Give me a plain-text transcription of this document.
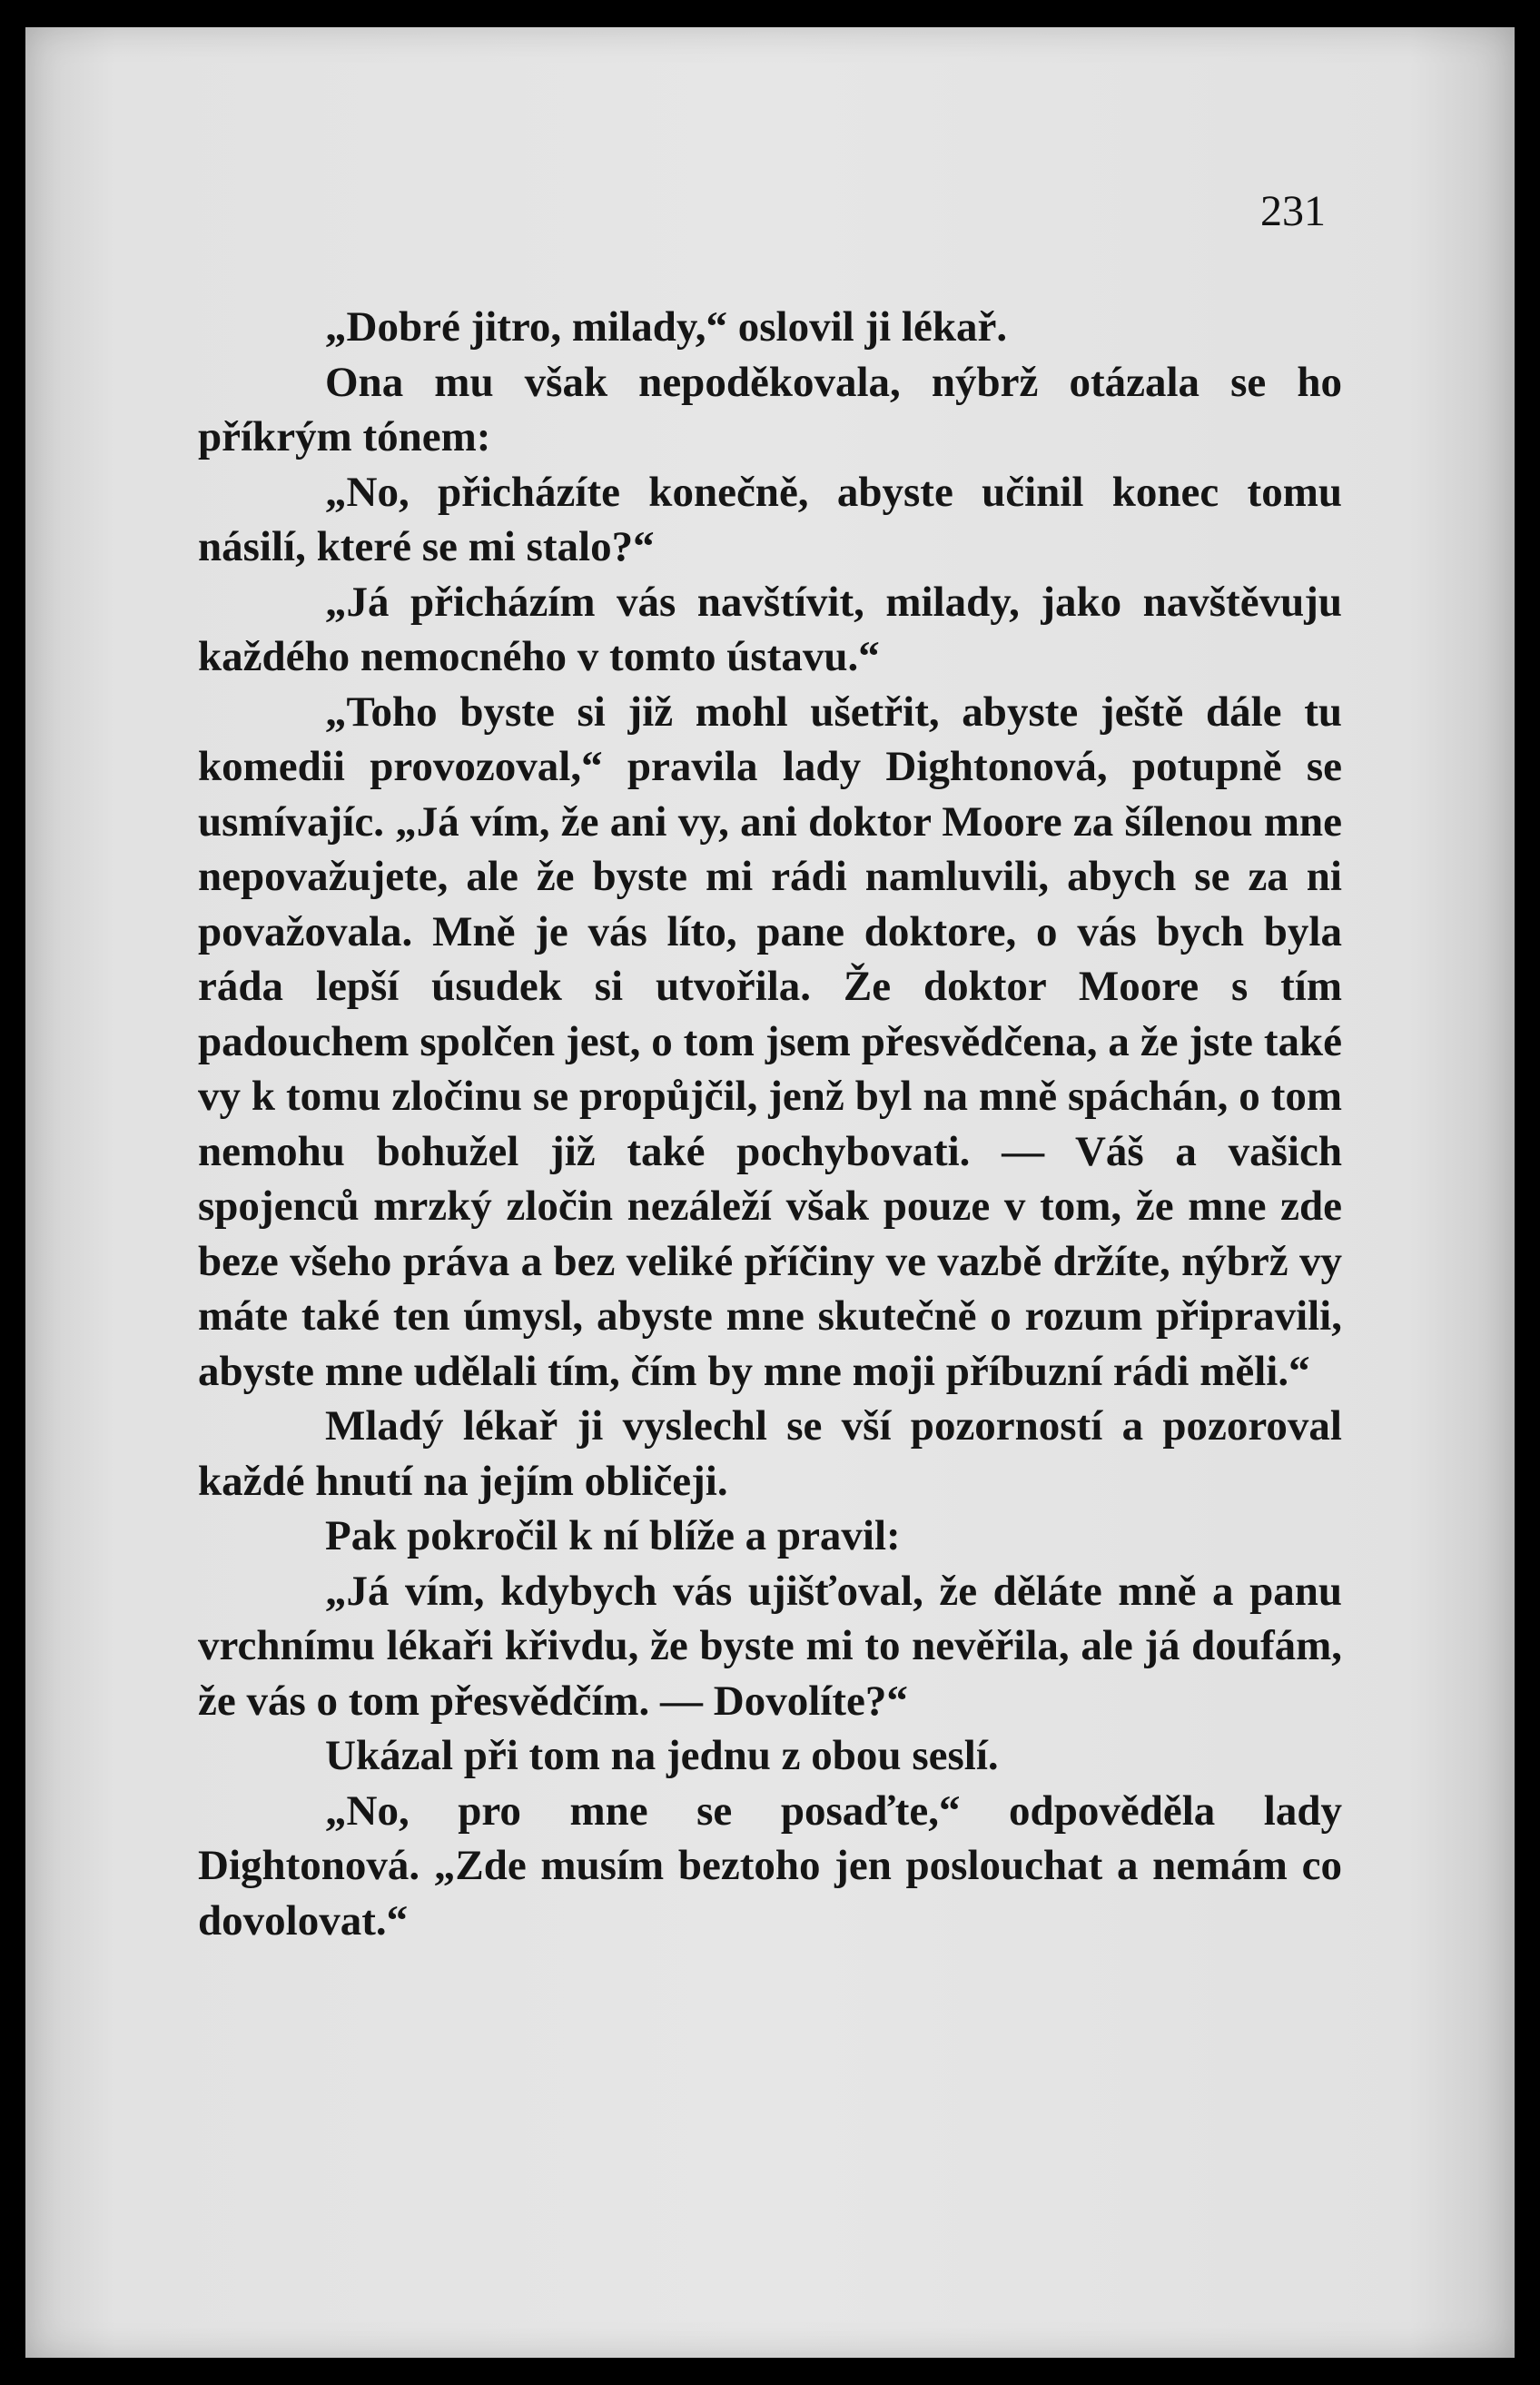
231

„Dobré jitro, milady,“ oslovil ji lékař.

Ona mu však nepoděkovala, nýbrž otázala se ho příkrým tónem:

„No, přicházíte konečně, abyste učinil konec tomu násilí, které se mi stalo?“

„Já přicházím vás navštívit, milady, jako navštěvuju každého nemocného v tomto ústavu.“

„Toho byste si již mohl ušetřit, abyste ještě dále tu komedii provozoval,“ pravila lady Dightonová, potupně se usmívajíc. „Já vím, že ani vy, ani doktor Moore za šílenou mne nepovažujete, ale že byste mi rádi namluvili, abych se za ni považovala. Mně je vás líto, pane doktore, o vás bych byla ráda lepší úsudek si utvořila. Že doktor Moore s tím padouchem spolčen jest, o tom jsem přesvědčena, a že jste také vy k tomu zločinu se propůjčil, jenž byl na mně spáchán, o tom nemohu bohužel již také pochybovati. — Váš a vašich spojenců mrzký zločin nezáleží však pouze v tom, že mne zde beze všeho práva a bez veliké příčiny ve vazbě držíte, nýbrž vy máte také ten úmysl, abyste mne skutečně o rozum připravili, abyste mne udělali tím, čím by mne moji příbuzní rádi měli.“

Mladý lékař ji vyslechl se vší pozorností a pozoroval každé hnutí na jejím obličeji.

Pak pokročil k ní blíže a pravil:

„Já vím, kdybych vás ujišťoval, že děláte mně a panu vrchnímu lékaři křivdu, že byste mi to nevěřila, ale já doufám, že vás o tom přesvědčím. — Dovolíte?“

Ukázal při tom na jednu z obou seslí.

„No, pro mne se posaďte,“ odpověděla lady Dightonová. „Zde musím beztoho jen poslouchat a nemám co dovolovat.“
